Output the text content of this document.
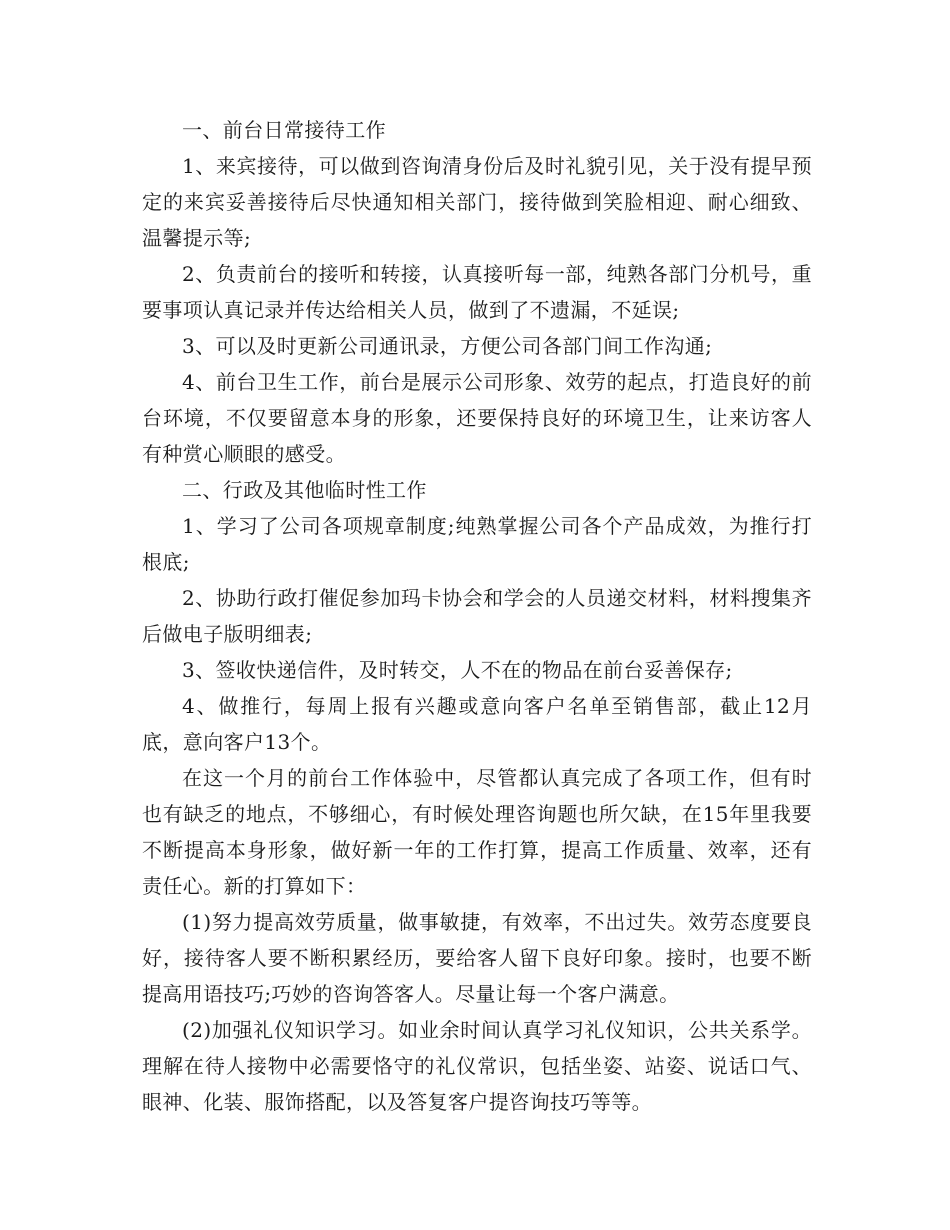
一、前台日常接待工作

1、来宾接待，可以做到咨询清身份后及时礼貌引见，关于没有提早预定的来宾妥善接待后尽快通知相关部门，接待做到笑脸相迎、耐心细致、温馨提示等;

2、负责前台的接听和转接，认真接听每一部，纯熟各部门分机号，重要事项认真记录并传达给相关人员，做到了不遗漏，不延误;

3、可以及时更新公司通讯录，方便公司各部门间工作沟通;

4、前台卫生工作，前台是展示公司形象、效劳的起点，打造良好的前台环境，不仅要留意本身的形象，还要保持良好的环境卫生，让来访客人有种赏心顺眼的感受。

二、行政及其他临时性工作

1、学习了公司各项规章制度;纯熟掌握公司各个产品成效，为推行打根底;

2、协助行政打催促参加玛卡协会和学会的人员递交材料，材料搜集齐后做电子版明细表;

3、签收快递信件，及时转交，人不在的物品在前台妥善保存;

4、做推行，每周上报有兴趣或意向客户名单至销售部，截止12月底，意向客户13个。

在这一个月的前台工作体验中，尽管都认真完成了各项工作，但有时也有缺乏的地点，不够细心，有时候处理咨询题也所欠缺，在15年里我要不断提高本身形象，做好新一年的工作打算，提高工作质量、效率，还有责任心。新的打算如下：

(1)努力提高效劳质量，做事敏捷，有效率，不出过失。效劳态度要良好，接待客人要不断积累经历，要给客人留下良好印象。接时，也要不断提高用语技巧;巧妙的咨询答客人。尽量让每一个客户满意。

(2)加强礼仪知识学习。如业余时间认真学习礼仪知识，公共关系学。理解在待人接物中必需要恪守的礼仪常识，包括坐姿、站姿、说话口气、眼神、化装、服饰搭配，以及答复客户提咨询技巧等等。
